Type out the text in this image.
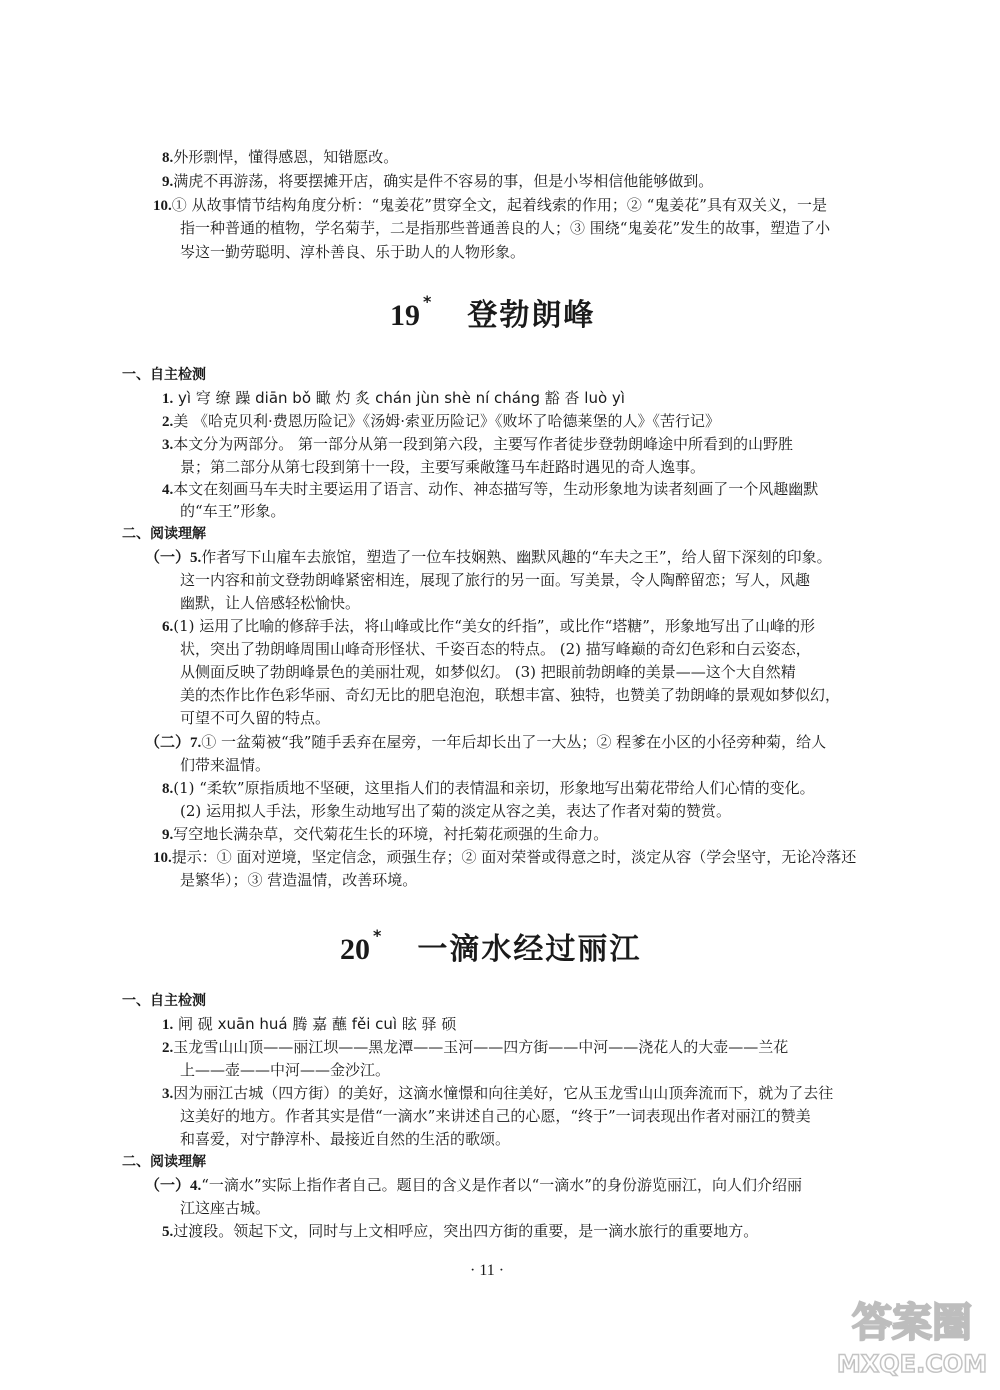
8.外形剽悍，懂得感恩，知错愿改。
9.满虎不再游荡，将要摆摊开店，确实是件不容易的事，但是小岑相信他能够做到。
10.① 从故事情节结构角度分析：“鬼姜花”贯穿全文，起着线索的作用；② “鬼姜花”具有双关义，一是
指一种普通的植物，学名菊芋，二是指那些普通善良的人；③ 围绕“鬼姜花”发生的故事，塑造了小
岑这一勤劳聪明、淳朴善良、乐于助人的人物形象。
19 * 登勃朗峰
一、自主检测
1. yì 穹 缭 躁 diān bǒ 瞰 灼 炙 chán jùn shè ní cháng 豁 沓 luò yì
2.美 《哈克贝利·费恩历险记》《汤姆·索亚历险记》《败坏了哈德莱堡的人》《苦行记》
3.本文分为两部分。 第一部分从第一段到第六段，主要写作者徒步登勃朗峰途中所看到的山野胜
景；第二部分从第七段到第十一段，主要写乘敞篷马车赶路时遇见的奇人逸事。
4.本文在刻画马车夫时主要运用了语言、动作、神态描写等，生动形象地为读者刻画了一个风趣幽默
的“车王”形象。
二、阅读理解
（一）5.作者写下山雇车去旅馆，塑造了一位车技娴熟、幽默风趣的“车夫之王”，给人留下深刻的印象。
这一内容和前文登勃朗峰紧密相连，展现了旅行的另一面。写美景，令人陶醉留恋；写人，风趣
幽默，让人倍感轻松愉快。
6.(1) 运用了比喻的修辞手法，将山峰或比作“美女的纤指”，或比作“塔糖”，形象地写出了山峰的形
状，突出了勃朗峰周围山峰奇形怪状、千姿百态的特点。 (2) 描写峰巅的奇幻色彩和白云姿态，
从侧面反映了勃朗峰景色的美丽壮观，如梦似幻。 (3) 把眼前勃朗峰的美景——这个大自然精
美的杰作比作色彩华丽、奇幻无比的肥皂泡泡，联想丰富、独特，也赞美了勃朗峰的景观如梦似幻，
可望不可久留的特点。
（二）7.① 一盆菊被“我”随手丢弃在屋旁，一年后却长出了一大丛；② 程爹在小区的小径旁种菊，给人
们带来温情。
8.(1) “柔软”原指质地不坚硬，这里指人们的表情温和亲切，形象地写出菊花带给人们心情的变化。
(2) 运用拟人手法，形象生动地写出了菊的淡定从容之美，表达了作者对菊的赞赏。
9.写空地长满杂草，交代菊花生长的环境，衬托菊花顽强的生命力。
10.提示：① 面对逆境，坚定信念，顽强生存；② 面对荣誉或得意之时，淡定从容（学会坚守，无论冷落还
是繁华）；③ 营造温情，改善环境。
20 * 一滴水经过丽江
一、自主检测
1. 闸 砚 xuān huá 腾 嘉 蘸 fěi cuì 眩 驿 硕
2.玉龙雪山山顶——丽江坝——黑龙潭——玉河——四方街——中河——浇花人的大壶——兰花
上——壶——中河——金沙江。
3.因为丽江古城（四方街）的美好，这滴水憧憬和向往美好，它从玉龙雪山山顶奔流而下，就为了去往
这美好的地方。作者其实是借“一滴水”来讲述自己的心愿，“终于”一词表现出作者对丽江的赞美
和喜爱，对宁静淳朴、最接近自然的生活的歌颂。
二、阅读理解
（一）4.“一滴水”实际上指作者自己。题目的含义是作者以“一滴水”的身份游览丽江，向人们介绍丽
江这座古城。
5.过渡段。领起下文，同时与上文相呼应，突出四方街的重要，是一滴水旅行的重要地方。
· 11 ·
答案圈
MXQE.COM
